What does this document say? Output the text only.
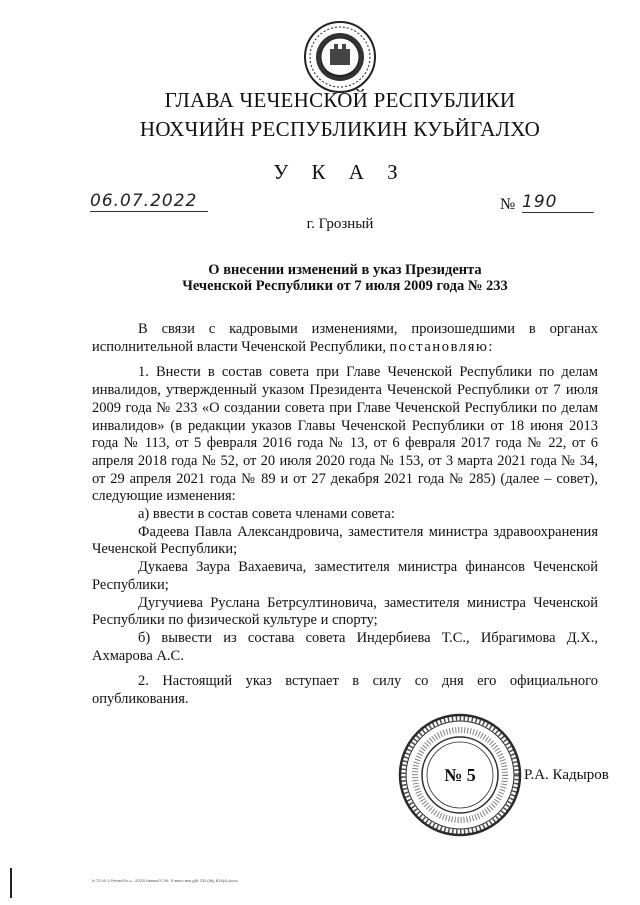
ГЛАВА ЧЕЧЕНСКОЙ РЕСПУБЛИКИ
НОХЧИЙН РЕСПУБЛИКИН КУЬЙГАЛХО
У К А З
06.07.2022	№ 190
г. Грозный
О внесении изменений в указ Президента
Чеченской Республики от 7 июля 2009 года № 233

В связи с кадровыми изменениями, произошедшими в органах исполнительной власти Чеченской Республики, постановляю:

1. Внести в состав совета при Главе Чеченской Республики по делам инвалидов, утвержденный указом Президента Чеченской Республики от 7 июля 2009 года № 233 «О создании совета при Главе Чеченской Республики по делам инвалидов» (в редакции указов Главы Чеченской Республики от 18 июня 2013 года № 113, от 5 февраля 2016 года № 13, от 6 февраля 2017 года № 22, от 6 апреля 2018 года № 52, от 20 июля 2020 года № 153, от 3 марта 2021 года № 34, от 29 апреля 2021 года № 89 и от 27 декабря 2021 года № 285) (далее – совет), следующие изменения:

а) ввести в состав совета членами совета:

Фадеева Павла Александровича, заместителя министра здравоохранения Чеченской Республики;

Дукаева Заура Вахаевича, заместителя министра финансов Чеченской Республики;

Дугучиева Руслана Бетрсултиновича, заместителя министра Чеченской Республики по физической культуре и спорту;

б) вывести из состава совета Индербиева Т.С., Ибрагимова Д.Х., Ахмарова А.С.

2. Настоящий указ вступает в силу со дня его официального опубликования.

№ 5	Р.А. Кадыров
N 73.40.1 Primer20r-o - 2022/1/вано/07.06. Ф.вело вер.д/В 233 (96)-В16(4)-dooc
